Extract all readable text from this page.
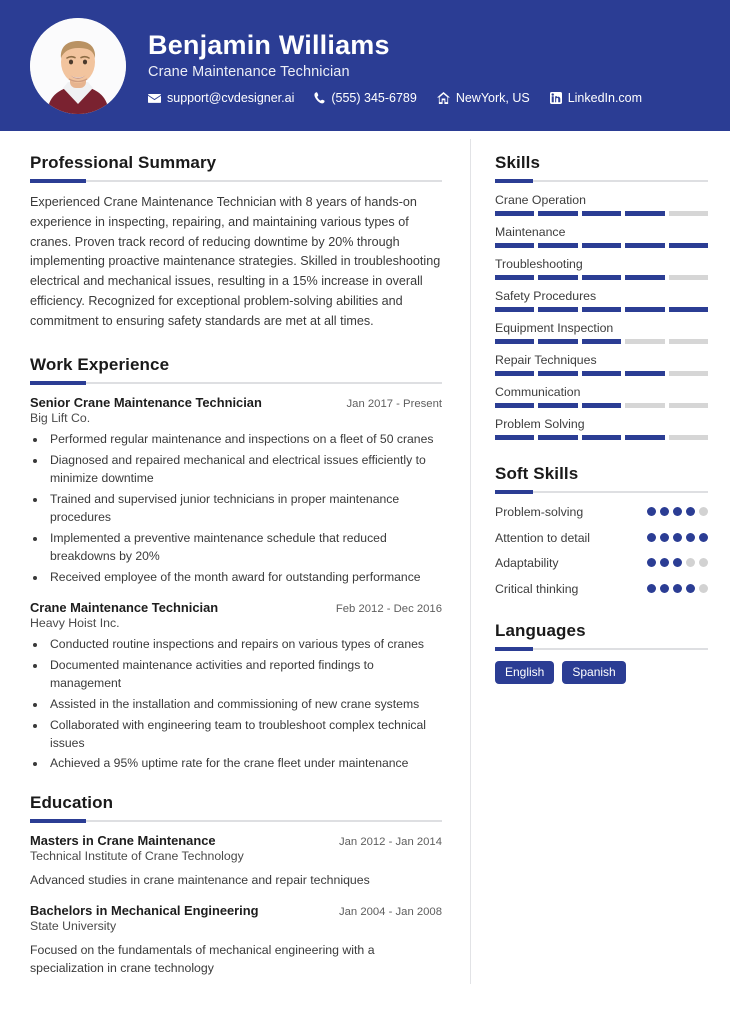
Benjamin Williams
Crane Maintenance Technician
support@cvdesigner.ai	(555) 345-6789	NewYork, US	LinkedIn.com
Professional Summary
Experienced Crane Maintenance Technician with 8 years of hands-on experience in inspecting, repairing, and maintaining various types of cranes. Proven track record of reducing downtime by 20% through implementing proactive maintenance strategies. Skilled in troubleshooting electrical and mechanical issues, resulting in a 15% increase in overall efficiency. Recognized for exceptional problem-solving abilities and commitment to ensuring safety standards are met at all times.
Work Experience
Senior Crane Maintenance Technician	Jan 2017 - Present
Big Lift Co.
• Performed regular maintenance and inspections on a fleet of 50 cranes
• Diagnosed and repaired mechanical and electrical issues efficiently to minimize downtime
• Trained and supervised junior technicians in proper maintenance procedures
• Implemented a preventive maintenance schedule that reduced breakdowns by 20%
• Received employee of the month award for outstanding performance
Crane Maintenance Technician	Feb 2012 - Dec 2016
Heavy Hoist Inc.
• Conducted routine inspections and repairs on various types of cranes
• Documented maintenance activities and reported findings to management
• Assisted in the installation and commissioning of new crane systems
• Collaborated with engineering team to troubleshoot complex technical issues
• Achieved a 95% uptime rate for the crane fleet under maintenance
Education
Masters in Crane Maintenance	Jan 2012 - Jan 2014
Technical Institute of Crane Technology
Advanced studies in crane maintenance and repair techniques
Bachelors in Mechanical Engineering	Jan 2004 - Jan 2008
State University
Focused on the fundamentals of mechanical engineering with a specialization in crane technology
Skills
Crane Operation
Maintenance
Troubleshooting
Safety Procedures
Equipment Inspection
Repair Techniques
Communication
Problem Solving
Soft Skills
Problem-solving
Attention to detail
Adaptability
Critical thinking
Languages
English	Spanish
